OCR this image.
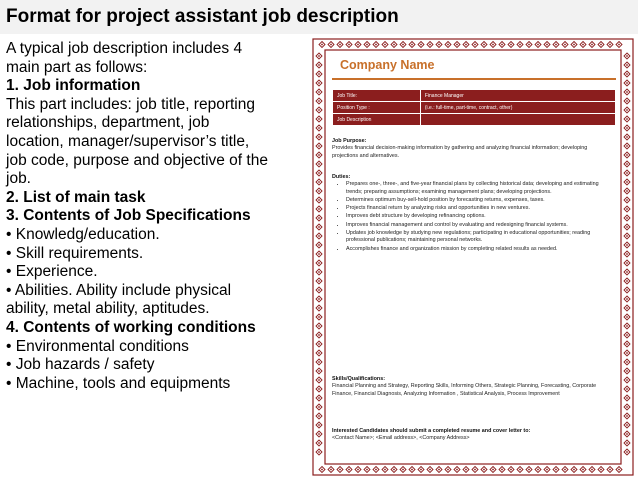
Format for project assistant job description
A typical job description includes 4
main part as follows:
1. Job information
This part includes: job title, reporting
relationships, department, job
location, manager/supervisor’s title,
job code, purpose and objective of the
job.
2. List of main task
3. Contents of Job Specifications
• Knowledg/education.
• Skill requirements.
• Experience.
• Abilities. Ability include physical
ability, metal ability, aptitudes.
4. Contents of working conditions
• Environmental conditions
• Job hazards / safety
• Machine, tools and equipments
Company Name
Job Title:	Finance Manager
Position Type :	(i.e.: full-time, part-time, contract, other)
Job Description	
Job Purpose:
Provides financial decision-making information by gathering and analyzing financial information; developing projections and alternatives.
Duties:
• Prepares one-, three-, and five-year financial plans by collecting historical data; developing and estimating trends; preparing assumptions; examining management plans; developing projections.
• Determines optimum buy-sell-hold position by forecasting returns, expenses, taxes.
• Projects financial return by analyzing risks and opportunities in new ventures.
• Improves debt structure by developing refinancing options.
• Improves financial management and control by evaluating and redesigning financial systems.
• Updates job knowledge by studying new regulations; participating in educational opportunities; reading professional publications; maintaining personal networks.
• Accomplishes finance and organization mission by completing related results as needed.
Skills/Qualifications:
Financial Planning and Strategy, Reporting Skills, Informing Others, Strategic Planning, Forecasting, Corporate Finance, Financial Diagnosis, Analyzing Information , Statistical Analysis, Process Improvement
Interested Candidates should submit a completed resume and cover letter to:
<Contact Name>; <Email address>, <Company Address>
